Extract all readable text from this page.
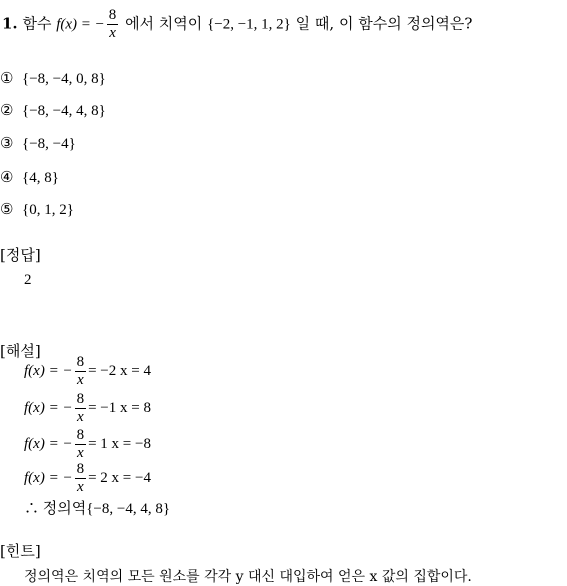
1. 함수 f(x) = − $\frac{8}{x}$ 에서 치역이 {−2, −1, 1, 2} 일 때, 이 함수의 정의역은?
① {−8, −4, 0, 8}
② {−8, −4, 4, 8}
③ {−8, −4}
④ {4, 8}
⑤ {0, 1, 2}
[정답]
2
[해설]
f(x) = − $\frac{8}{x} = -2$ x = 4
f(x) = − $\frac{8}{x} = -1$ x = 8
f(x) = − $\frac{8}{x} = 1$ x = −8
f(x) = − $\frac{8}{x} = 2$ x = −4
∴ 정의역{−8, −4, 4, 8}
[힌트]
정의역은 치역의 모든 원소를 각각 y 대신 대입하여 얻은 x 값의 집합이다.
